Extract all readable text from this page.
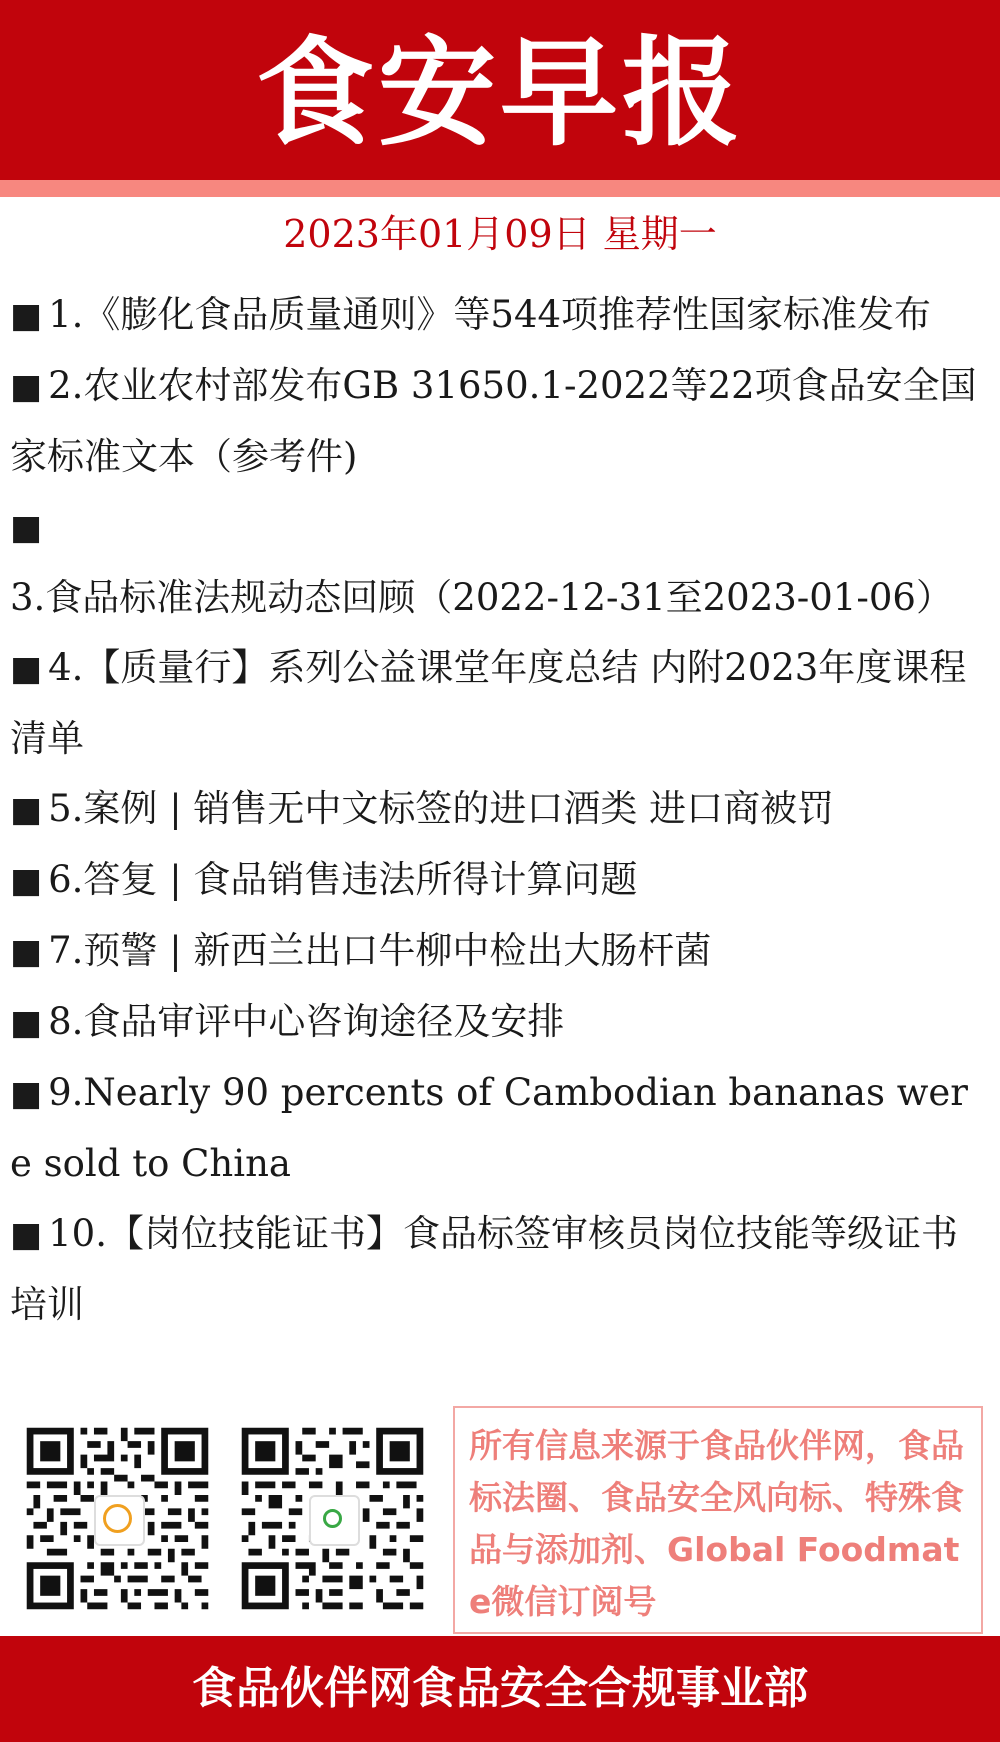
食安早报
2023年01月09日 星期一
■ 1.《膨化食品质量通则》等544项推荐性国家标准发布
■ 2.农业农村部发布GB 31650.1-2022等22项食品安全国家标准文本（参考件)
■3.食品标准法规动态回顾（2022-12-31至2023-01-06）
■ 4.【质量行】系列公益课堂年度总结 内附2023年度课程清单
■ 5.案例 | 销售无中文标签的进口酒类 进口商被罚
■ 6.答复 | 食品销售违法所得计算问题
■ 7.预警 | 新西兰出口牛柳中检出大肠杆菌
■ 8.食品审评中心咨询途径及安排
■ 9.Nearly 90 percents of Cambodian bananas were sold to China
■ 10.【岗位技能证书】食品标签审核员岗位技能等级证书培训
所有信息来源于食品伙伴网，食品标法圈、食品安全风向标、特殊食品与添加剂、Global Foodmate微信订阅号
食品伙伴网食品安全合规事业部
